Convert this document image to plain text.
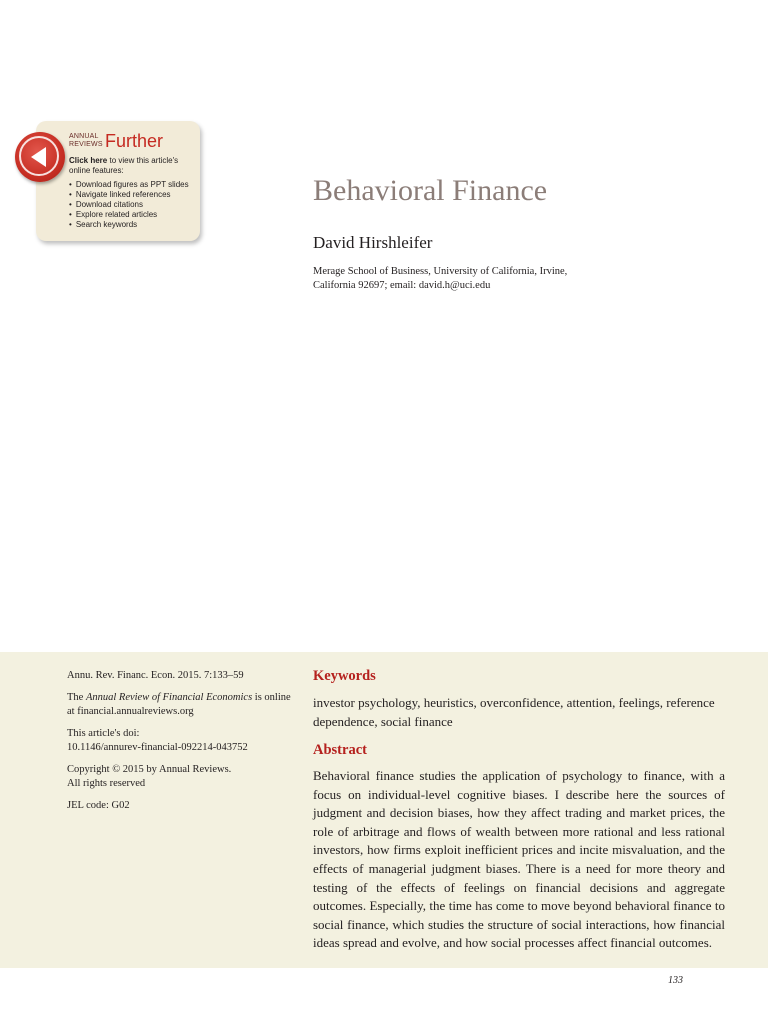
ANNUAL
REVIEWS Further
Click here to view this article's online features:
• Download figures as PPT slides
• Navigate linked references
• Download citations
• Explore related articles
• Search keywords
Behavioral Finance
David Hirshleifer
Merage School of Business, University of California, Irvine, California 92697; email: david.h@uci.edu

Annu. Rev. Financ. Econ. 2015. 7:133–59

The Annual Review of Financial Economics is online at financial.annualreviews.org

This article's doi:
10.1146/annurev-financial-092214-043752

Copyright © 2015 by Annual Reviews.
All rights reserved

JEL code: G02

Keywords
investor psychology, heuristics, overconfidence, attention, feelings, reference dependence, social finance
Abstract
Behavioral finance studies the application of psychology to finance, with a focus on individual-level cognitive biases. I describe here the sources of judgment and decision biases, how they affect trading and market prices, the role of arbitrage and flows of wealth between more rational and less rational investors, how firms exploit inefficient prices and incite misvaluation, and the effects of managerial judgment biases. There is a need for more theory and testing of the effects of feelings on financial decisions and aggregate outcomes. Especially, the time has come to move beyond behavioral finance to social finance, which studies the structure of social interactions, how financial ideas spread and evolve, and how social processes affect financial outcomes.
133
